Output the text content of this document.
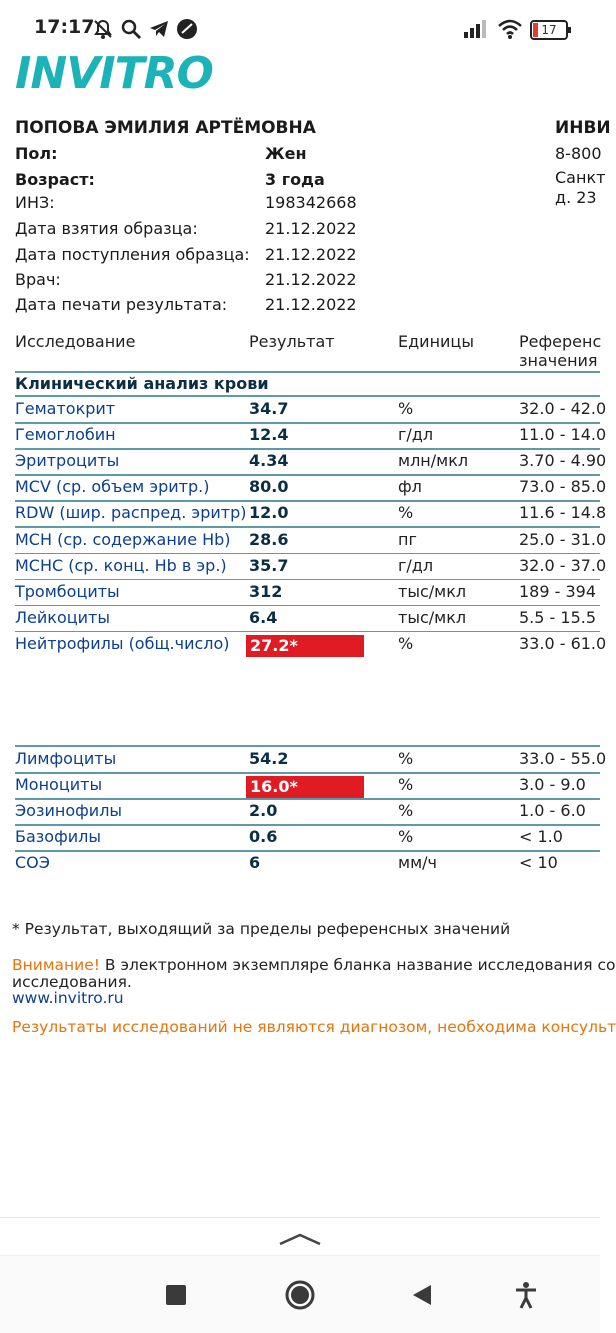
17:17	17
INVITRO
ПОПОВА ЭМИЛИЯ АРТЁМОВНА
Пол:	Жен
Возраст:	3 года
ИНЗ:	198342668
Дата взятия образца:	21.12.2022
Дата поступления образца: 21.12.2022
Врач:	21.12.2022
Дата печати результата: 21.12.2022
ИНВИ
8-800
Санкт
д. 23
Исследование	Результат	Единицы	Референс
значения
Клинический анализ крови
Гематокрит	34.7	%	32.0 - 42.0
Гемоглобин	12.4	г/дл	11.0 - 14.0
Эритроциты	4.34	млн/мкл	3.70 - 4.90
MCV (ср. объем эритр.) 80.0	фл	73.0 - 85.0
RDW (шир. распред. эритр) 12.0	%	11.6 - 14.8
MCH (ср. содержание Hb) 28.6	пг	25.0 - 31.0
MCHC (ср. конц. Hb в эр.) 35.7	г/дл	32.0 - 37.0
Тромбоциты	312	тыс/мкл	189 - 394
Лейкоциты	6.4	тыс/мкл	5.5 - 15.5
Нейтрофилы (общ.число) 27.2*	%	33.0 - 61.0
Лимфоциты	54.2	%	33.0 - 55.0
Моноциты	16.0*	%	3.0 - 9.0
Эозинофилы	2.0	%	1.0 - 6.0
Базофилы	0.6	%	< 1.0
СОЭ	6	мм/ч	< 10
* Результат, выходящий за пределы референсных значений
Внимание! В электронном экземпляре бланка название исследования со
исследования.
www.invitro.ru
Результаты исследований не являются диагнозом, необходима консульт
